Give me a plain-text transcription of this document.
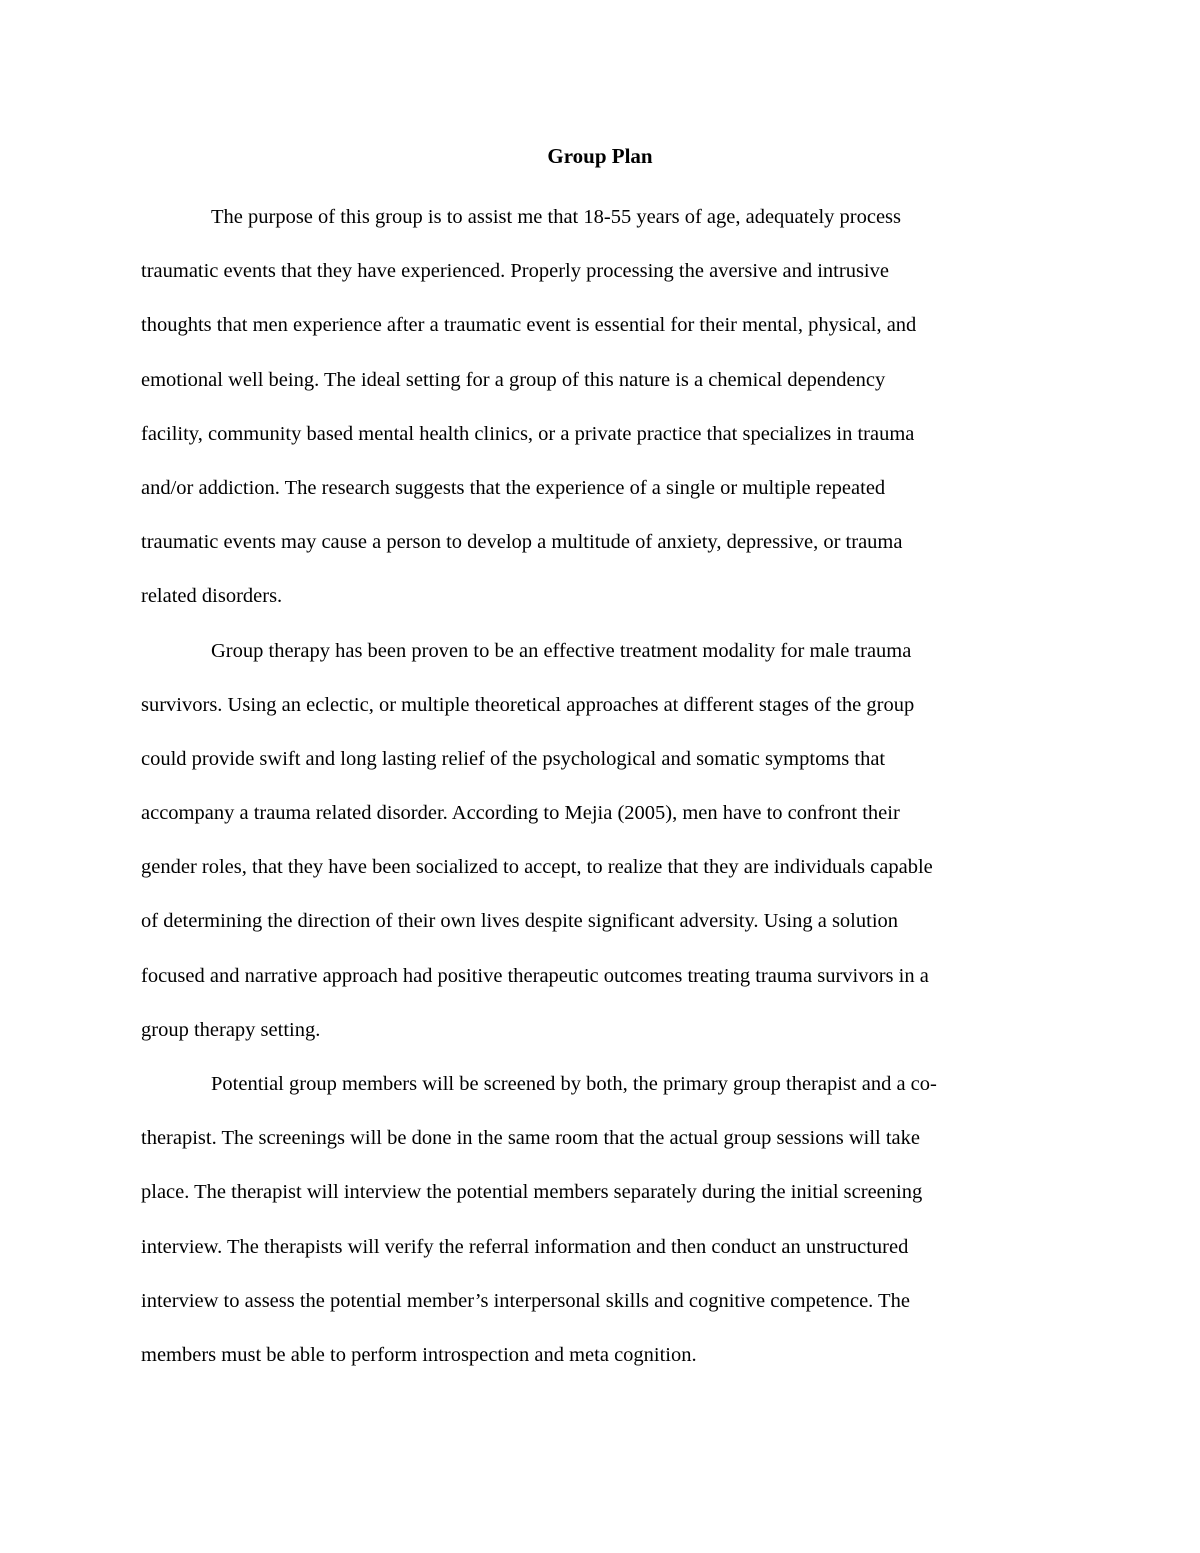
Group Plan
The purpose of this group is to assist me that 18-55 years of age, adequately process
traumatic events that they have experienced. Properly processing the aversive and intrusive
thoughts that men experience after a traumatic event is essential for their mental, physical, and
emotional well being. The ideal setting for a group of this nature is a chemical dependency
facility, community based mental health clinics, or a private practice that specializes in trauma
and/or addiction. The research suggests that the experience of a single or multiple repeated
traumatic events may cause a person to develop a multitude of anxiety, depressive, or trauma
related disorders.
Group therapy has been proven to be an effective treatment modality for male trauma
survivors. Using an eclectic, or multiple theoretical approaches at different stages of the group
could provide swift and long lasting relief of the psychological and somatic symptoms that
accompany a trauma related disorder. According to Mejia (2005), men have to confront their
gender roles, that they have been socialized to accept, to realize that they are individuals capable
of determining the direction of their own lives despite significant adversity. Using a solution
focused and narrative approach had positive therapeutic outcomes treating trauma survivors in a
group therapy setting.
Potential group members will be screened by both, the primary group therapist and a co-
therapist. The screenings will be done in the same room that the actual group sessions will take
place. The therapist will interview the potential members separately during the initial screening
interview. The therapists will verify the referral information and then conduct an unstructured
interview to assess the potential member’s interpersonal skills and cognitive competence. The
members must be able to perform introspection and meta cognition.
